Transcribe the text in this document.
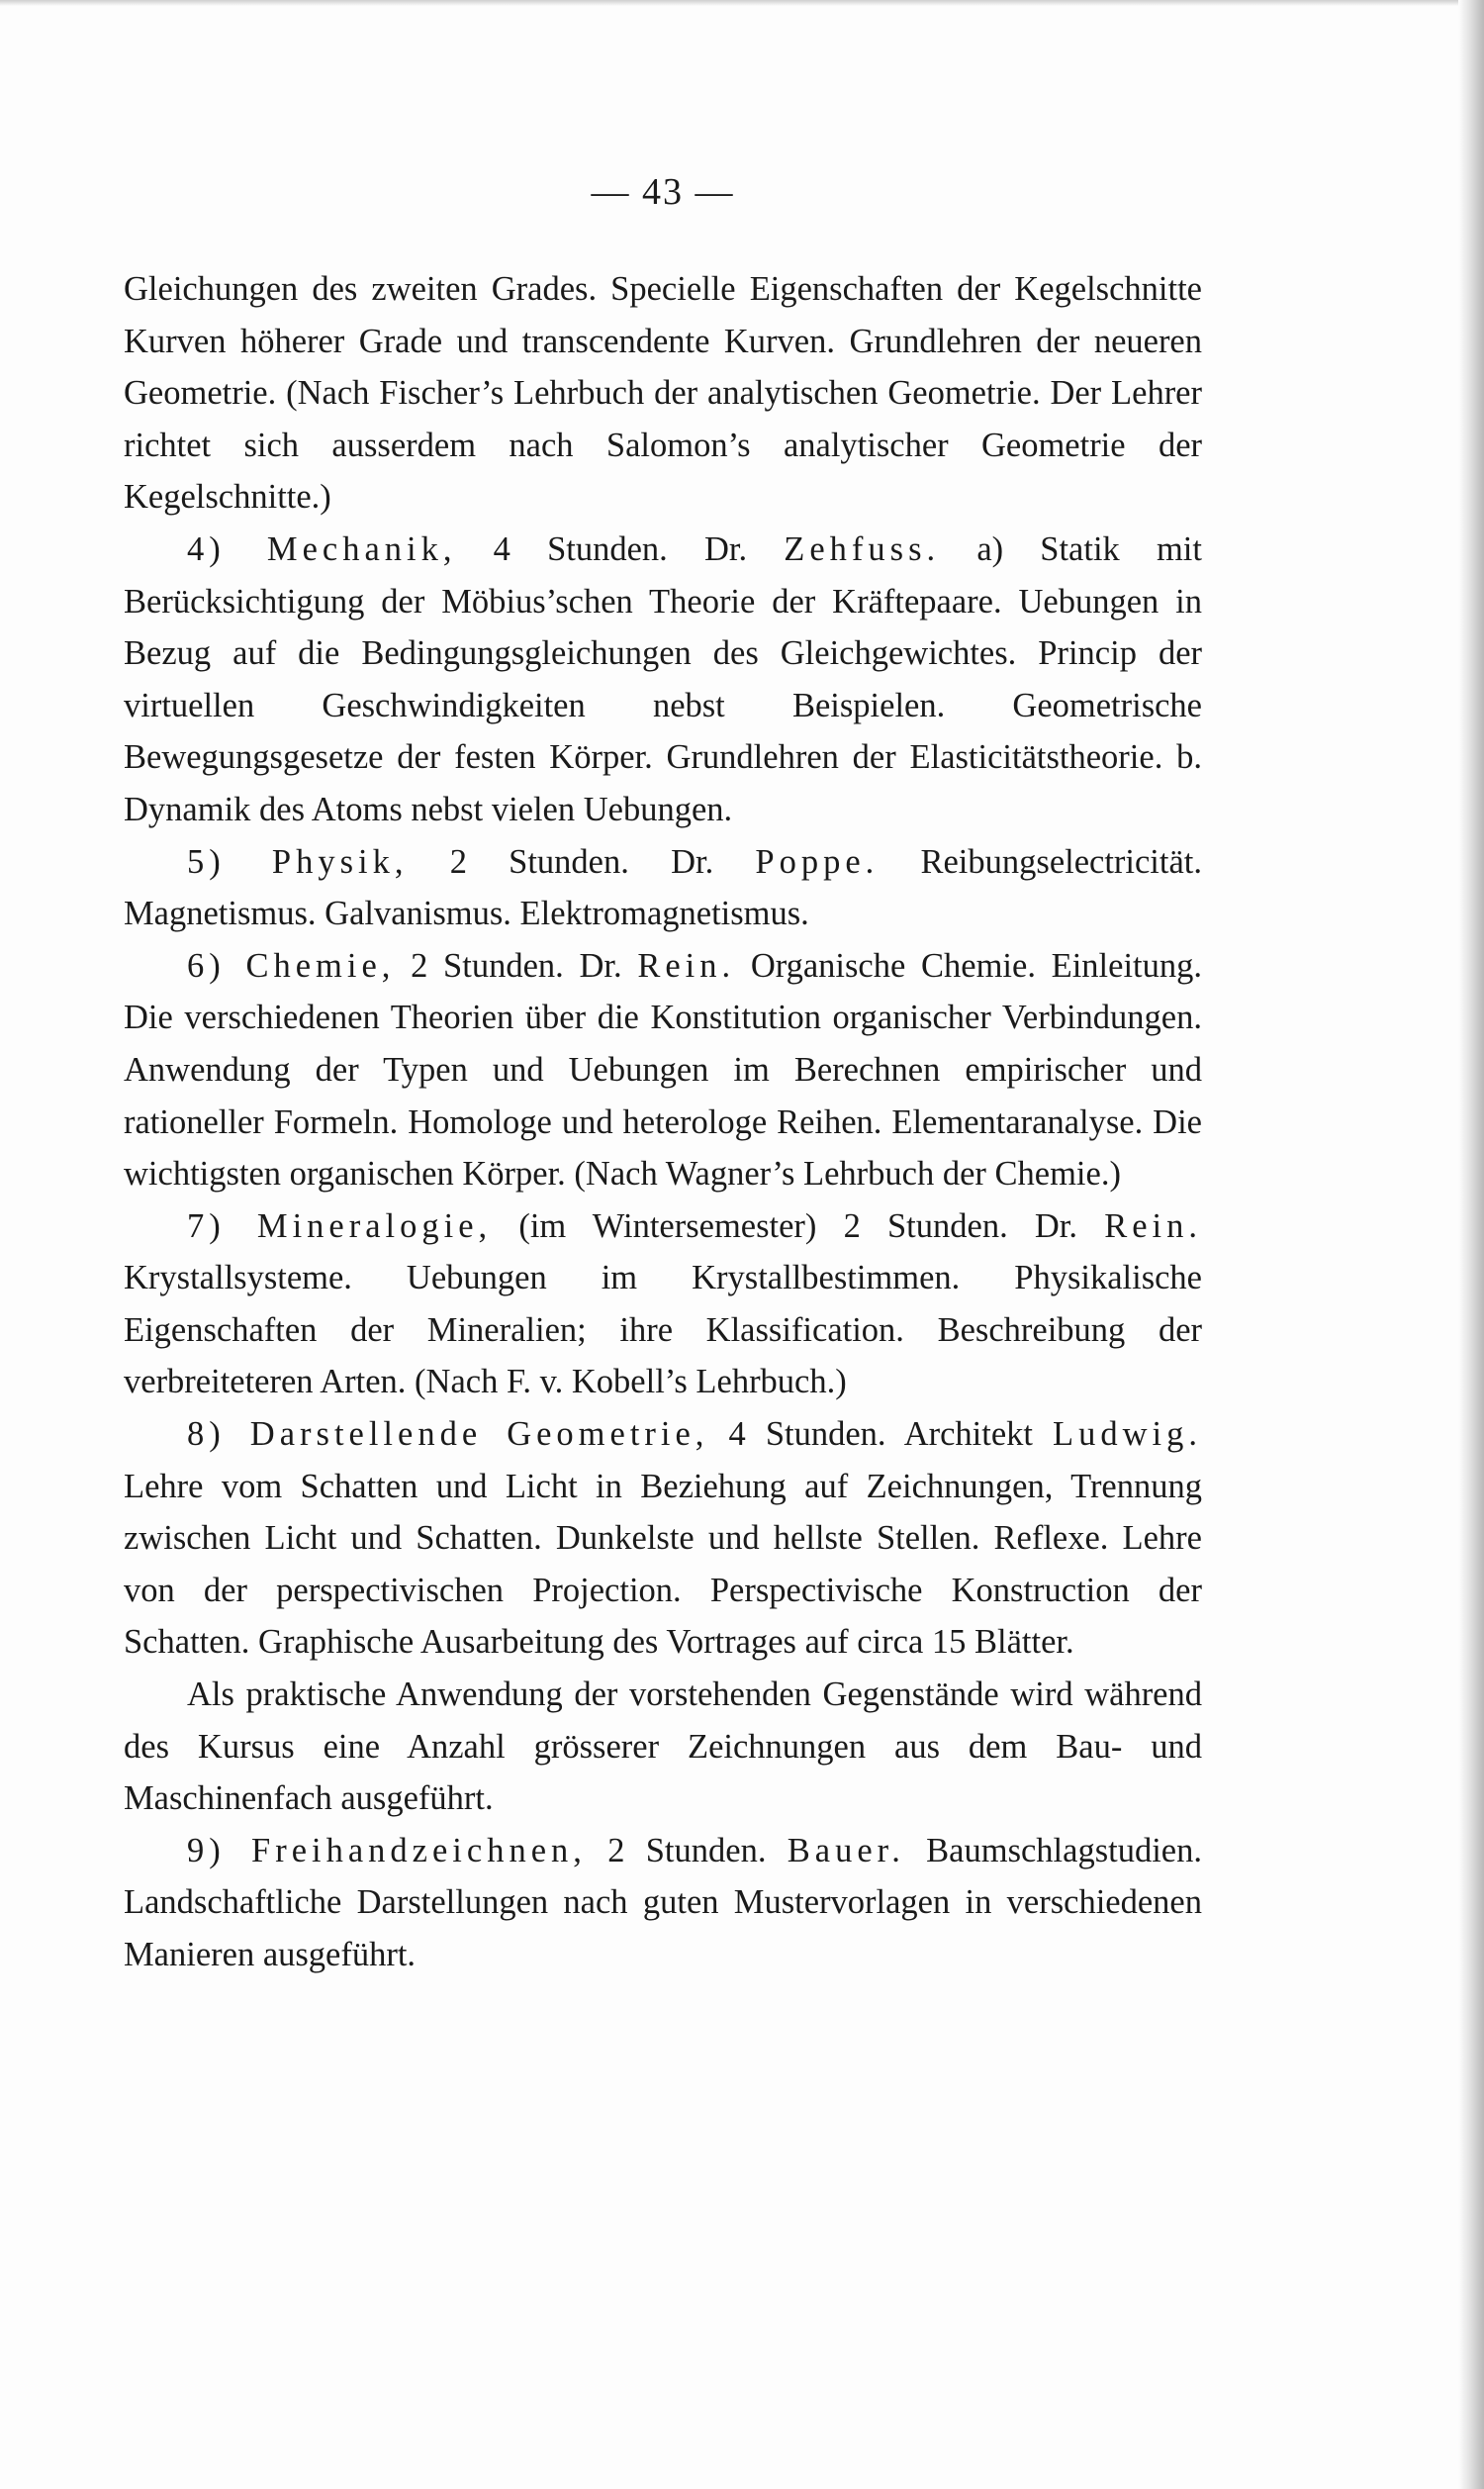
— 43 —

Gleichungen des zweiten Grades. Specielle Eigenschaften der Kegelschnitte Kurven höherer Grade und transcendente Kurven. Grundlehren der neueren Geometrie. (Nach Fischer’s Lehrbuch der analytischen Geometrie. Der Lehrer richtet sich ausserdem nach Salomon’s analytischer Geometrie der Kegelschnitte.)

4) Mechanik, 4 Stunden. Dr. Zehfuss. a) Statik mit Berücksichtigung der Möbius’schen Theorie der Kräftepaare. Uebungen in Bezug auf die Bedingungsgleichungen des Gleichgewichtes. Princip der virtuellen Geschwindigkeiten nebst Beispielen. Geometrische Bewegungsgesetze der festen Körper. Grundlehren der Elasticitätstheorie. b. Dynamik des Atoms nebst vielen Uebungen.

5) Physik, 2 Stunden. Dr. Poppe. Reibungselectricität. Magnetismus. Galvanismus. Elektromagnetismus.

6) Chemie, 2 Stunden. Dr. Rein. Organische Chemie. Einleitung. Die verschiedenen Theorien über die Konstitution organischer Verbindungen. Anwendung der Typen und Uebungen im Berechnen empirischer und rationeller Formeln. Homologe und heterologe Reihen. Elementaranalyse. Die wichtigsten organischen Körper. (Nach Wagner’s Lehrbuch der Chemie.)

7) Mineralogie, (im Wintersemester) 2 Stunden. Dr. Rein. Krystallsysteme. Uebungen im Krystallbestimmen. Physikalische Eigenschaften der Mineralien; ihre Klassification. Beschreibung der verbreiteteren Arten. (Nach F. v. Kobell’s Lehrbuch.)

8) Darstellende Geometrie, 4 Stunden. Architekt Ludwig. Lehre vom Schatten und Licht in Beziehung auf Zeichnungen, Trennung zwischen Licht und Schatten. Dunkelste und hellste Stellen. Reflexe. Lehre von der perspectivischen Projection. Perspectivische Konstruction der Schatten. Graphische Ausarbeitung des Vortrages auf circa 15 Blätter.

Als praktische Anwendung der vorstehenden Gegenstände wird während des Kursus eine Anzahl grösserer Zeichnungen aus dem Bau- und Maschinenfach ausgeführt.

9) Freihandzeichnen, 2 Stunden. Bauer. Baumschlagstudien. Landschaftliche Darstellungen nach guten Mustervorlagen in verschiedenen Manieren ausgeführt.
